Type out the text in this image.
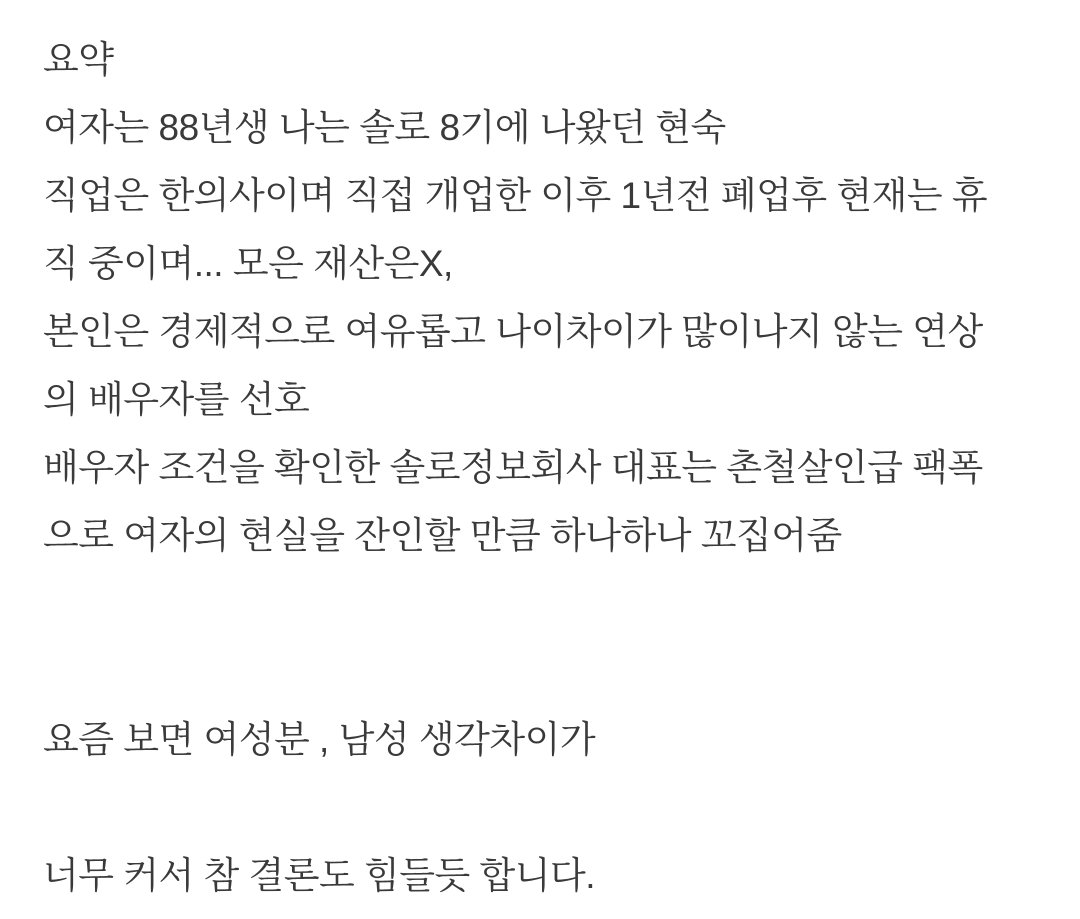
요약
여자는 88년생 나는 솔로 8기에 나왔던 현숙
직업은 한의사이며 직접 개업한 이후 1년전 폐업후 현재는 휴
직 중이며... 모은 재산은X,
본인은 경제적으로 여유롭고 나이차이가 많이나지 않는 연상
의 배우자를 선호
배우자 조건을 확인한 솔로정보회사 대표는 촌철살인급 팩폭
으로 여자의 현실을 잔인할 만큼 하나하나 꼬집어줌
요즘 보면 여성분 , 남성 생각차이가
너무 커서 참 결론도 힘들듯 합니다.
